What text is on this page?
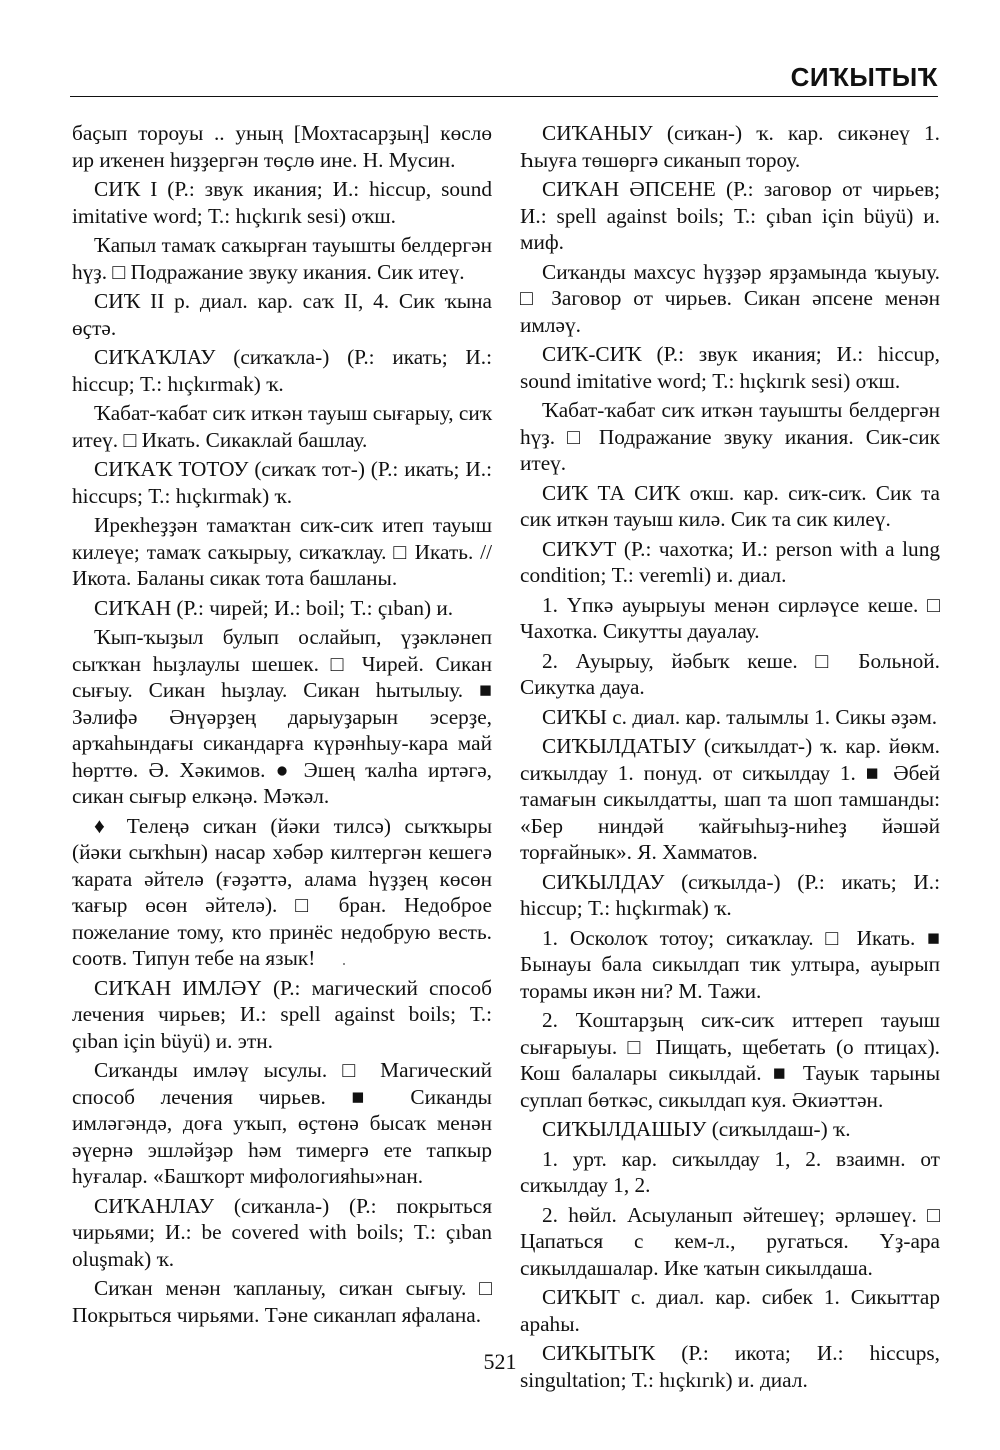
СИҠЫТЫҠ

баҫып тороуы .. уның [Мохтасарҙың] көслө ир иҡенен һиҙҙергән төҫлө ине. Н. Мусин.

СИҠ I (Р.: звук икания; И.: hiccup, sound imitative word; Т.: hıçkırık sesi) оҡш.

Ҡапыл тамаҡ саҡырған тауышты белдергән һүҙ. □ Подражание звуку икания. Сик итеү.

СИҠ II р. диал. кар. саҡ II, 4. Сик ҡына өҫтә.

СИҠАҠЛАУ (сиҡаҡла-) (Р.: икать; И.: hiccup; Т.: hıçkırmak) ҡ.

Ҡабат-ҡабат сиҡ иткән тауыш сығарыу, сиҡ итеү. □ Икать. Сикаклай башлау.

СИҠАҠ ТОТОУ (сиҡаҡ тот-) (Р.: икать; И.: hiccups; Т.: hıçkırmak) ҡ.

Ирекһеҙҙән тамаҡтан сиҡ-сиҡ итеп тауыш килеүе; тамаҡ саҡырыу, сиҡаҡлау. □ Икать. // Икота. Баланы сикак тота башланы.

СИҠАН (Р.: чирей; И.: boil; Т.: çıban) и.

Ҡып-ҡыҙыл булып ослайып, үҙәкләнеп сыҡҡан һыҙлаулы шешек. □ Чирей. Сикан сығыу. Сикан һыҙлау. Сикан һытылыу. ■ Зәлифә Әнүәрҙең дарыуҙарын эсерҙе, арҡаһындағы сикандарға күрәнһыу-кара май һөрттө. Ә. Хәкимов. ● Эшең ҡалһа иртәгә, сикан сығыр елкәңә. Мәҡәл.

♦ Телеңә сиҡан (йәки тилсә) сыҡҡыры (йәки сыҡһын) насар хәбәр килтергән кешегә ҡарата әйтелә (ғәҙәттә, алама һүҙҙең көсөн ҡағыр өсөн әйтелә). □ бран. Недоброе пожелание тому, кто принёс недобрую весть. соотв. Типун тебе на язык!

СИҠАН ИМЛӘҮ (Р.: магический способ лечения чирьев; И.: spell against boils; Т.: çıban için büyü) и. этн.

Сиҡанды имләү ысулы. □ Магический способ лечения чирьев. ■ Сиканды имләгәндә, доға уҡып, өҫтөнә бысаҡ менән әүернә эшләйҙәр һәм тимергә ете тапкыр һуғалар. «Башҡорт мифологияһы»нан.

СИҠАНЛАУ (сиҡанла-) (Р.: покрыться чирьями; И.: be covered with boils; Т.: çıban oluşmak) ҡ.

Сиҡан менән ҡапланыу, сиҡан сығыу. □ Покрыться чирьями. Тәне сиканлап яфалана.

СИҠАНЫУ (сиҡан-) ҡ. кар. сикәнеү 1. Һыуға төшөргә сиканып тороу.

СИҠАН ӘПСЕНЕ (Р.: заговор от чирьев; И.: spell against boils; Т.: çıban için büyü) и. миф.

Сиҡанды махсус һүҙҙәр ярҙамында ҡыуыу. □ Заговор от чирьев. Сикан әпсене менән имләү.

СИҠ-СИҠ (Р.: звук икания; И.: hiccup, sound imitative word; Т.: hıçkırık sesi) оҡш.

Ҡабат-ҡабат сиҡ иткән тауышты белдергән һүҙ. □ Подражание звуку икания. Сик-сик итеү.

СИҠ ТА СИҠ оҡш. кар. сиҡ-сиҡ. Сик та сик иткән тауыш килә. Сик та сик килеү.

СИҠУТ (Р.: чахотка; И.: person with a lung condition; Т.: veremli) и. диал.

1. Үпкә ауырыуы менән сирләүсе кеше. □ Чахотка. Сикутты дауалау.

2. Ауырыу, йәбыҡ кеше. □ Больной. Сикутка дауа.

СИҠЫ с. диал. кар. талымлы 1. Сикы әҙәм.

СИҠЫЛДАТЫУ (сиҡылдат-) ҡ. кар. йөкм. сиҡылдау 1. понуд. от сиҡылдау 1. ■ Әбей тамағын сикылдатты, шап та шоп тамшанды: «Бер ниндәй ҡайғыһыҙ-ниһеҙ йәшәй торғайнык». Я. Хамматов.

СИҠЫЛДАУ (сиҡылда-) (Р.: икать; И.: hiccup; Т.: hıçkırmak) ҡ.

1. Осколоҡ тотоу; сиҡаҡлау. □ Икать. ■ Бынауы бала сикылдап тик ултыра, ауырып торамы икән ни? М. Тажи.

2. Ҡоштарҙың сиҡ-сиҡ иттереп тауыш сығарыуы. □ Пищать, щебетать (о птицах). Кош балалары сикылдай. ■ Тауык тарыны суплап бөткәс, сикылдап куя. Әкиәттән.

СИҠЫЛДАШЫУ (сиҡылдаш-) ҡ.

1. урт. кар. сиҡылдау 1, 2. взаимн. от сиҡылдау 1, 2.

2. һөйл. Асыуланып әйтешеү; әрләшеү. □ Цапаться с кем-л., ругаться. Үҙ-ара сикылдашалар. Ике ҡатын сикылдаша.

СИҠЫТ с. диал. кар. сибек 1. Сикыттар араһы.

СИҠЫТЫҠ (Р.: икота; И.: hiccups, singultation; Т.: hıçkırık) и. диал.

521
